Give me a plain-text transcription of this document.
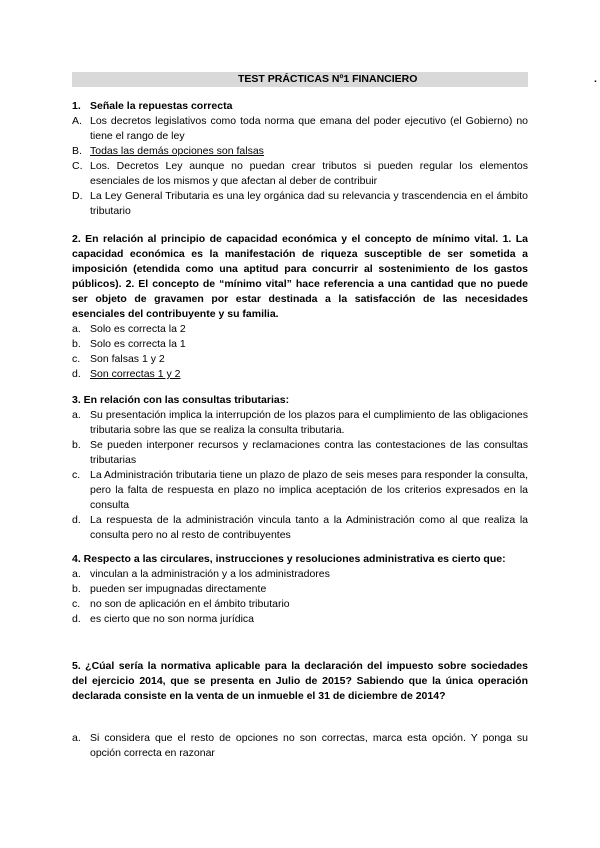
TEST PRÁCTICAS Nº1 FINANCIERO	.
1. Señale la repuestas correcta
A. Los decretos legislativos como toda norma que emana del poder ejecutivo (el Gobierno) no tiene el rango de ley
B. Todas las demás opciones son falsas
C. Los. Decretos Ley aunque no puedan crear tributos si pueden regular los elementos esenciales de los mismos y que afectan al deber de contribuir
D. La Ley General Tributaria es una ley orgánica dad su relevancia y trascendencia en el ámbito tributario
2. En relación al principio de capacidad económica y el concepto de mínimo vital. 1. La capacidad económica es la manifestación de riqueza susceptible de ser sometida a imposición (etendida como una aptitud para concurrir al sostenimiento de los gastos públicos). 2. El concepto de “mínimo vital” hace referencia a una cantidad que no puede ser objeto de gravamen por estar destinada a la satisfacción de las necesidades esenciales del contribuyente y su familia.
a. Solo es correcta la 2
b. Solo es correcta la 1
c. Son falsas 1 y 2
d. Son correctas 1 y 2
3. En relación con las consultas tributarias:
a. Su presentación implica la interrupción de los plazos para el cumplimiento de las obligaciones tributaria sobre las que se realiza la consulta tributaria.
b. Se pueden interponer recursos y reclamaciones contra las contestaciones de las consultas tributarias
c. La Administración tributaria tiene un plazo de plazo de seis meses para responder la consulta, pero la falta de respuesta en plazo no implica aceptación de los criterios expresados en la consulta
d. La respuesta de la administración vincula tanto a la Administración como al que realiza la consulta pero no al resto de contribuyentes
4. Respecto a las circulares, instrucciones y resoluciones administrativa es cierto que:
a. vinculan a la administración y a los administradores
b. pueden ser impugnadas directamente
c. no son de aplicación en el ámbito tributario
d. es cierto que no son norma jurídica
5. ¿Cúal sería la normativa aplicable para la declaración del impuesto sobre sociedades del ejercicio 2014, que se presenta en Julio de 2015? Sabiendo que la única operación declarada consiste en la venta de un inmueble el 31 de diciembre de 2014?
a. Si considera que el resto de opciones no son correctas, marca esta opción. Y ponga su opción correcta en razonar
